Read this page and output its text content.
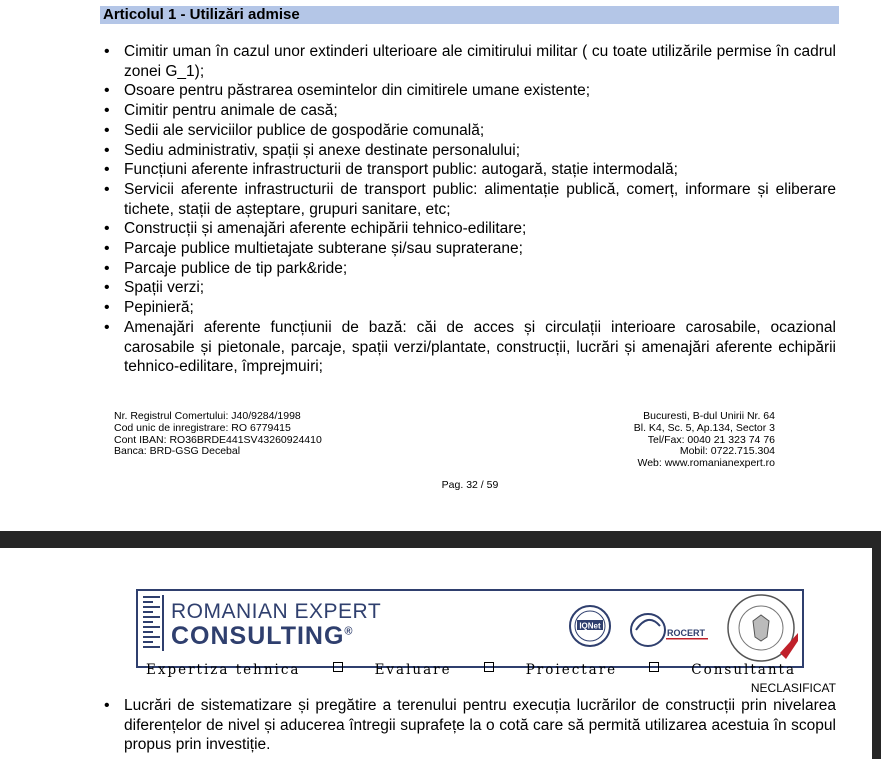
Articolul 1 - Utilizări admise
• Cimitir uman în cazul unor extinderi ulterioare ale cimitirului militar ( cu toate utilizările permise în cadrul zonei G_1);
• Osoare pentru păstrarea osemintelor din cimitirele umane existente;
• Cimitir pentru animale de casă;
• Sedii ale serviciilor publice de gospodărie comunală;
• Sediu administrativ, spații și anexe destinate personalului;
• Funcțiuni aferente infrastructurii de transport public: autogară, stație intermodală;
• Servicii aferente infrastructurii de transport public: alimentație publică, comerț, informare și eliberare tichete, stații de așteptare, grupuri sanitare, etc;
• Construcții și amenajări aferente echipării tehnico-edilitare;
• Parcaje publice multietajate subterane și/sau supraterane;
• Parcaje publice de tip park&ride;
• Spații verzi;
• Pepinieră;
• Amenajări aferente funcțiunii de bază: căi de acces și circulații interioare carosabile, ocazional carosabile și pietonale, parcaje, spații verzi/plantate, construcții, lucrări și amenajări aferente echipării tehnico-edilitare, împrejmuiri;
Nr. Registrul Comertului: J40/9284/1998
Cod unic de inregistrare: RO 6779415
Cont IBAN: RO36BRDE441SV43260924410
Banca: BRD-GSG Decebal
Bucuresti, B-dul Unirii Nr. 64
Bl. K4, Sc. 5, Ap.134, Sector 3
Tel/Fax: 0040 21 323 74 76
Mobil: 0722.715.304
Web: www.romanianexpert.ro
Pag. 32 / 59
ROMANIAN EXPERT
CONSULTING®	IQNet
ROCERT
Expertiza tehnica	Evaluare	Proiectare	Consultanta
NECLASIFICAT
• Lucrări de sistematizare și pregătire a terenului pentru execuția lucrărilor de construcții prin nivelarea diferențelor de nivel și aducerea întregii suprafețe la o cotă care să permită utilizarea acestuia în scopul propus prin investiție.
